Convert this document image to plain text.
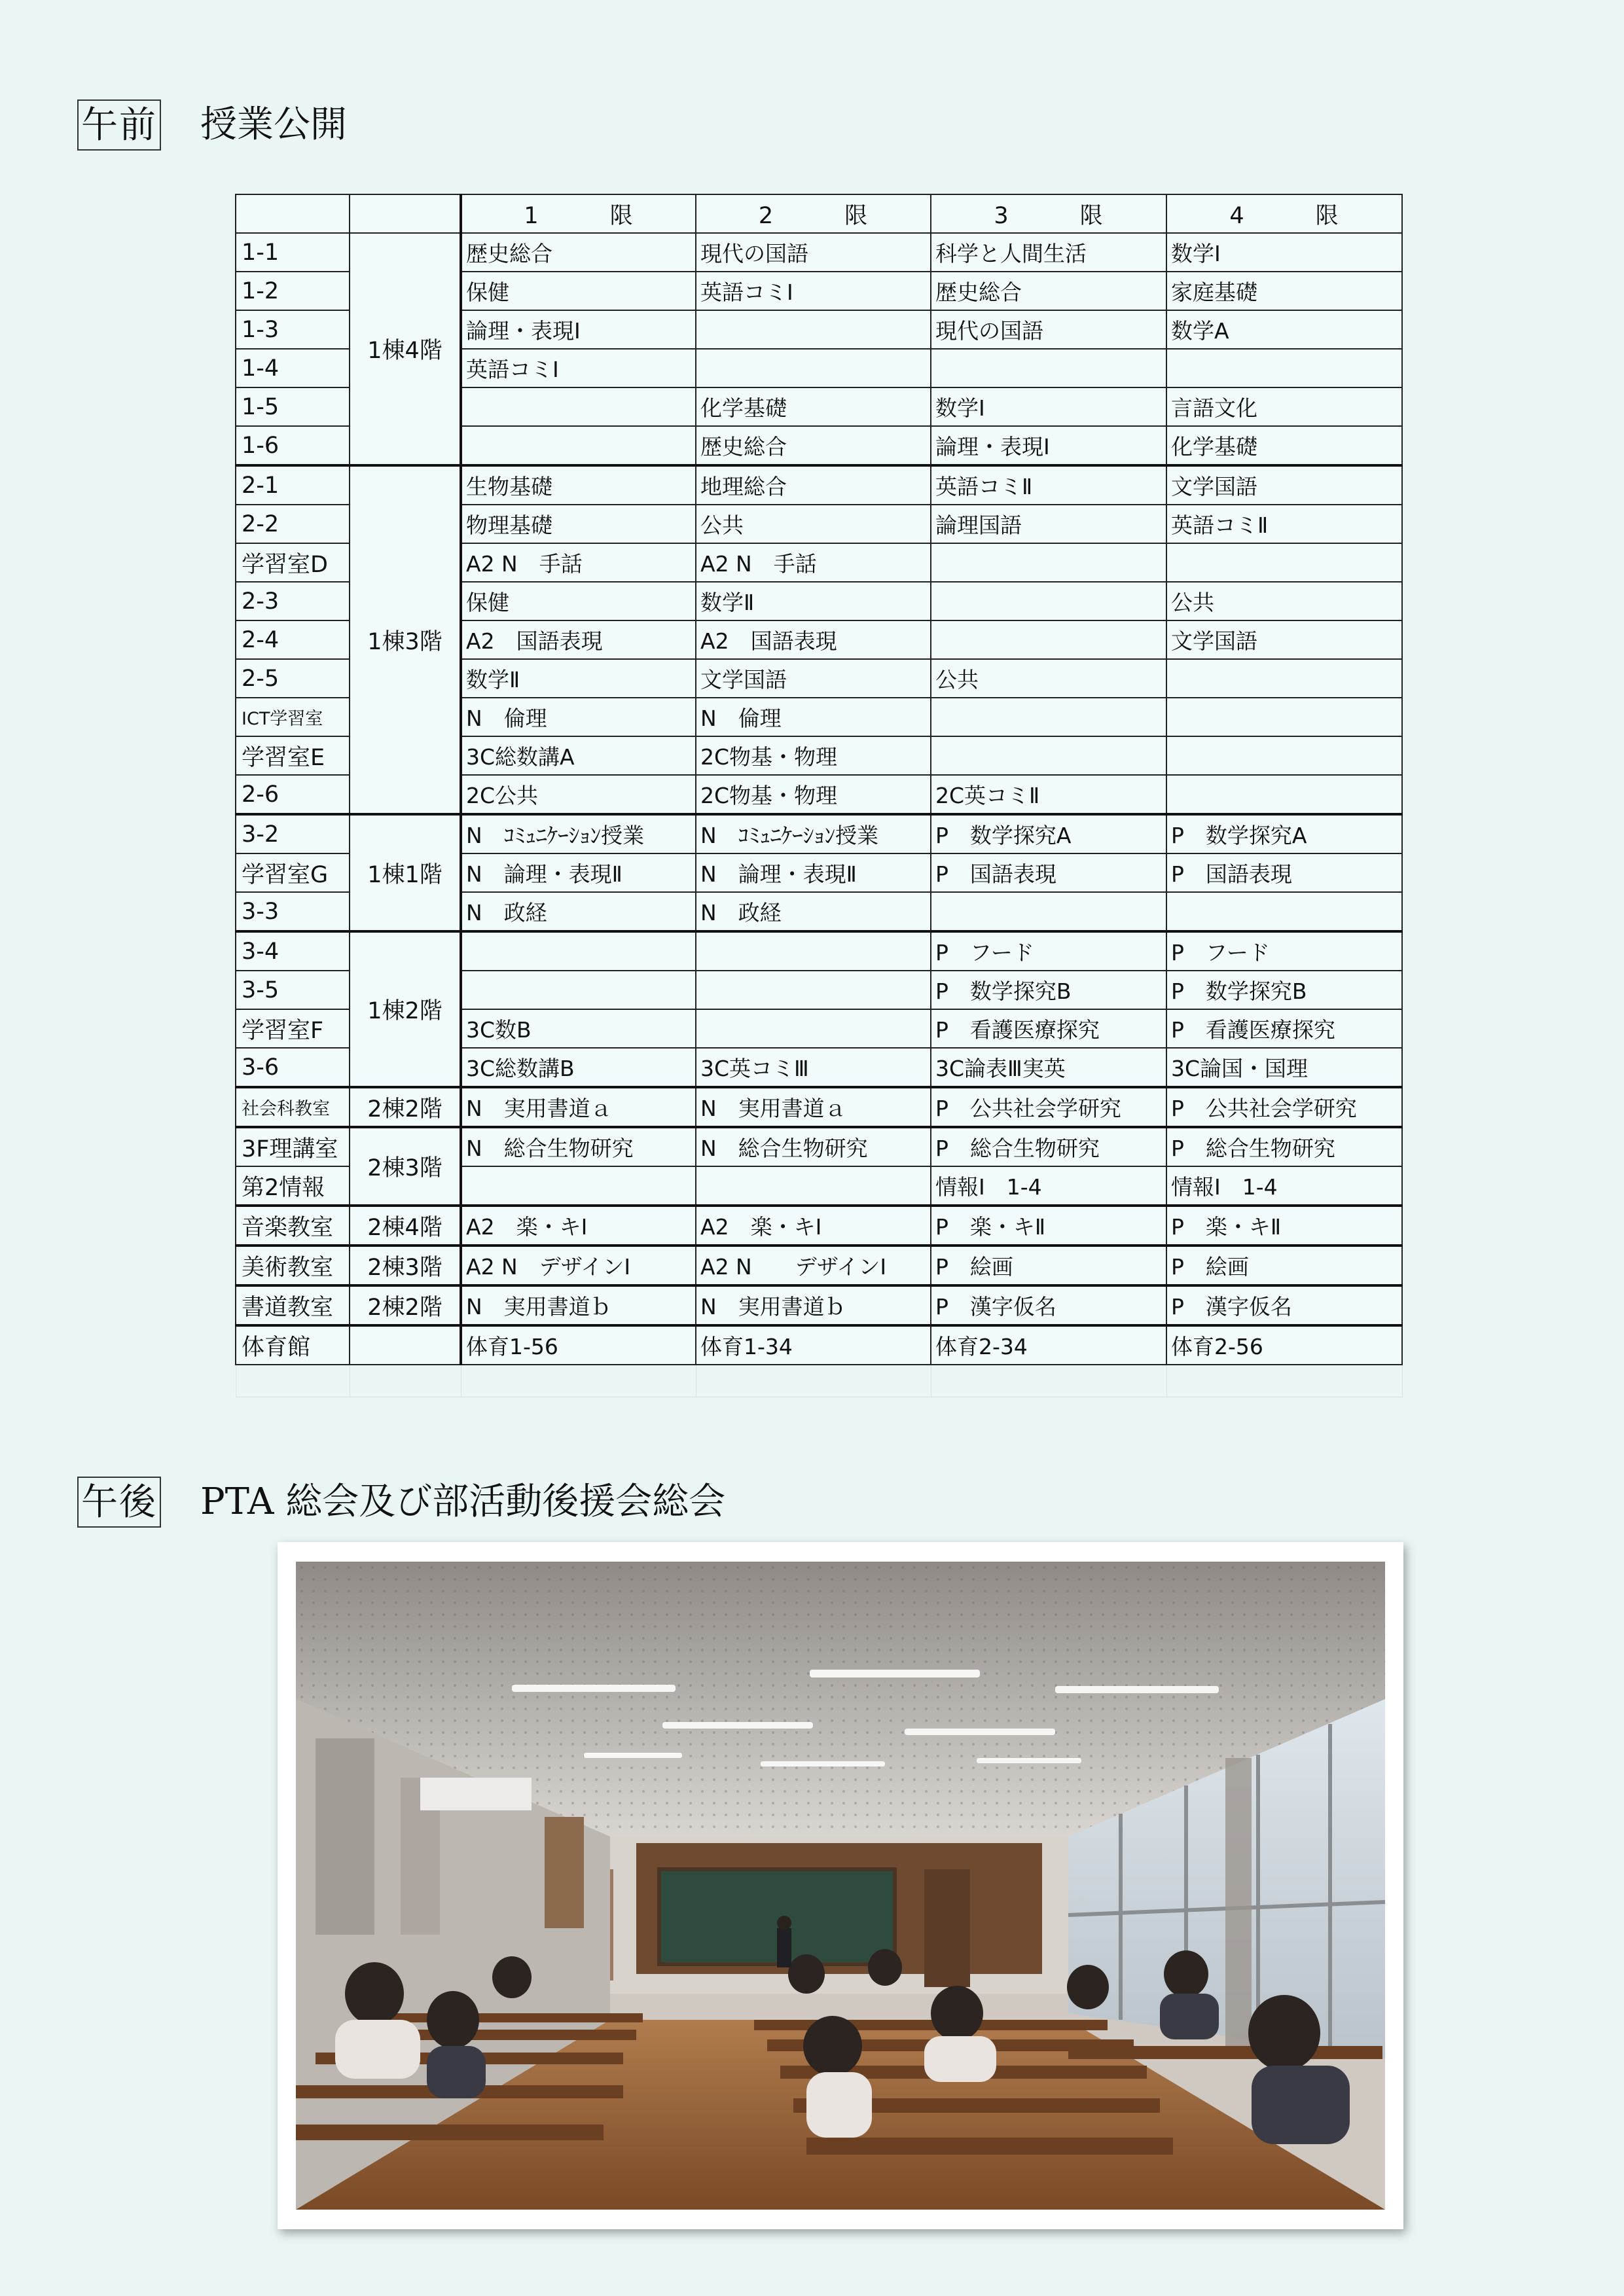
午前 授業公開
		1　　　限	2　　　限	3　　　限	4　　　限
1-1	1棟4階	歴史総合	現代の国語	科学と人間生活	数学Ⅰ
1-2		保健	英語コミⅠ	歴史総合	家庭基礎
1-3		論理・表現Ⅰ		現代の国語	数学A
1-4		英語コミⅠ			
1-5			化学基礎	数学Ⅰ	言語文化
1-6			歴史総合	論理・表現Ⅰ	化学基礎
2-1	1棟3階	生物基礎	地理総合	英語コミⅡ	文学国語
2-2		物理基礎	公共	論理国語	英語コミⅡ
学習室D		A2 N　手話	A2 N　手話		
2-3		保健	数学Ⅱ		公共
2-4		A2　国語表現	A2　国語表現		文学国語
2-5		数学Ⅱ	文学国語	公共	
ICT学習室		N　倫理	N　倫理		
学習室E		3C総数講A	2C物基・物理		
2-6		2C公共	2C物基・物理	2C英コミⅡ	
3-2	1棟1階	N　ｺﾐｭﾆｹｰｼｮﾝ授業	N　ｺﾐｭﾆｹｰｼｮﾝ授業	P　数学探究A	P　数学探究A
学習室G		N　論理・表現Ⅱ	N　論理・表現Ⅱ	P　国語表現	P　国語表現
3-3		N　政経	N　政経		
3-4	1棟2階			P　フード	P　フード
3-5				P　数学探究B	P　数学探究B
学習室F		3C数B		P　看護医療探究	P　看護医療探究
3-6		3C総数講B	3C英コミⅢ	3C論表Ⅲ実英	3C論国・国理
社会科教室	2棟2階	N　実用書道ａ	N　実用書道ａ	P　公共社会学研究	P　公共社会学研究
3F理講室	2棟3階	N　総合生物研究	N　総合生物研究	P　総合生物研究	P　総合生物研究
第2情報				情報Ⅰ　1-4	情報Ⅰ　1-4
音楽教室	2棟4階	A2　楽・キⅠ	A2　楽・キⅠ	P　楽・キⅡ	P　楽・キⅡ
美術教室	2棟3階	A2 N　デザインⅠ	A2 N　　デザインⅠ	P　絵画	P　絵画
書道教室	2棟2階	N　実用書道ｂ	N　実用書道ｂ	P　漢字仮名	P　漢字仮名
体育館		体育1-56	体育1-34	体育2-34	体育2-56

午後 PTA 総会及び部活動後援会総会
